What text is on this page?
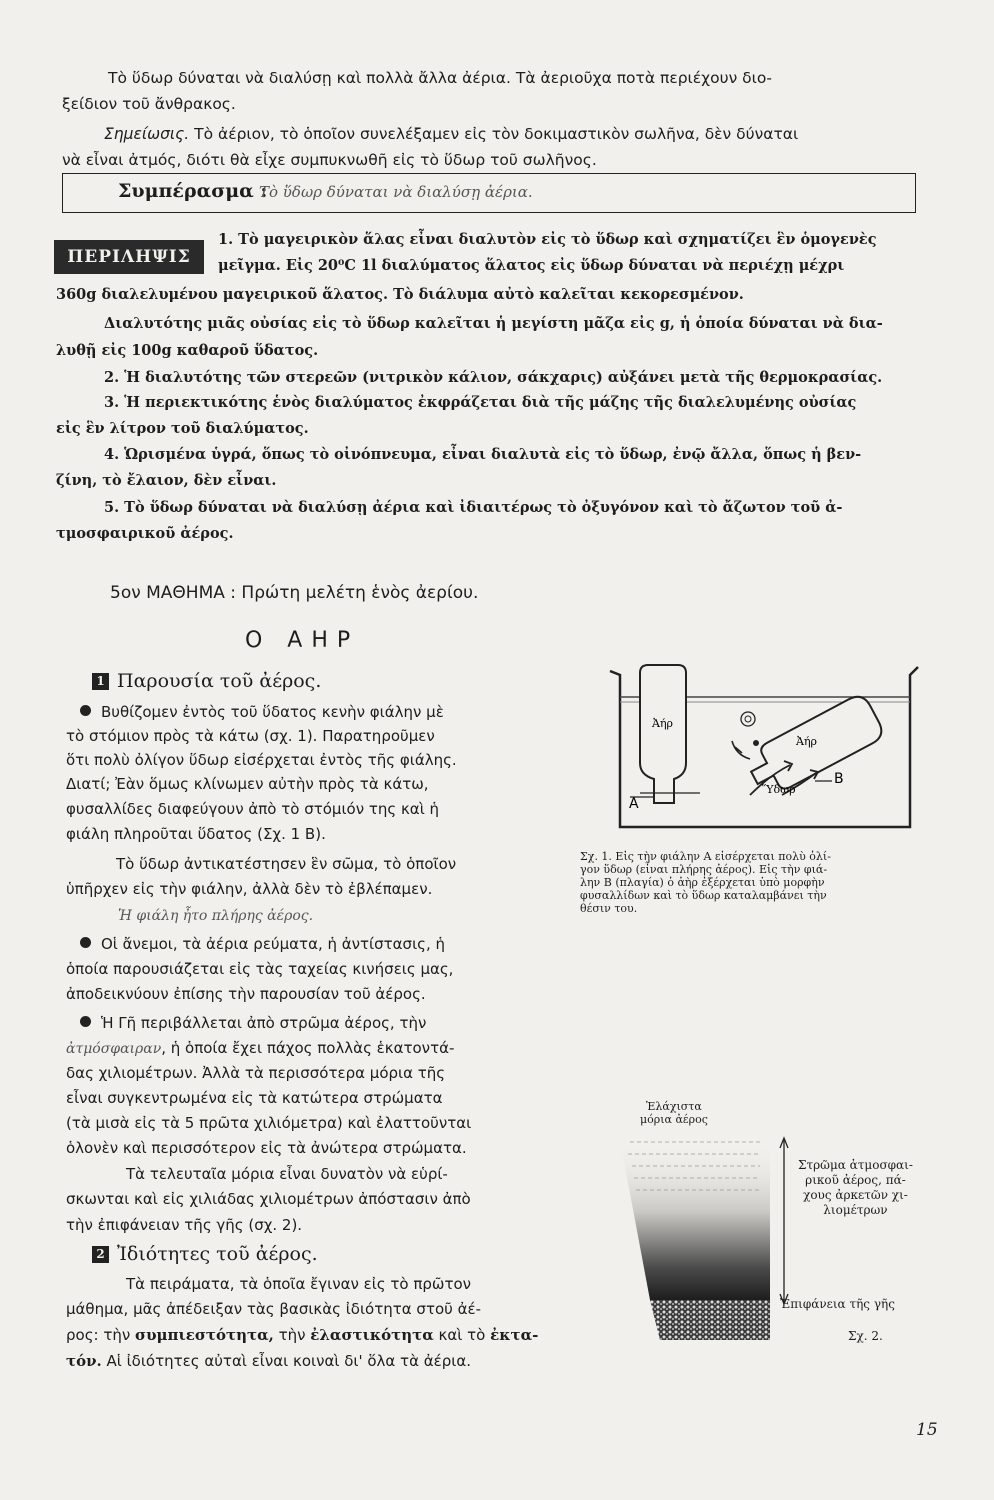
Τὸ ὕδωρ δύναται νὰ διαλύσῃ καὶ πολλὰ ἄλλα ἀέρια. Τὰ ἀεριοῦχα ποτὰ περιέχουν διο-

ξείδιον τοῦ ἄνθρακος.

Σημείωσις. Τὸ ἀέριον, τὸ ὁποῖον συνελέξαμεν εἰς τὸν δοκιμαστικὸν σωλῆνα, δὲν δύναται

νὰ εἶναι ἀτμός, διότι θὰ εἶχε συμπυκνωθῆ εἰς τὸ ὕδωρ τοῦ σωλῆνος.

Συμπέρασμα :
Τὸ ὕδωρ δύναται νὰ διαλύσῃ ἀέρια.
ΠΕΡΙΛΗΨΙΣ

1. Τὸ μαγειρικὸν ἅλας εἶναι διαλυτὸν εἰς τὸ ὕδωρ καὶ σχηματίζει ἓν ὁμογενὲς

μεῖγμα. Εἰς 20⁰C 1l διαλύματος ἅλατος εἰς ὕδωρ δύναται νὰ περιέχῃ μέχρι

360g διαλελυμένου μαγειρικοῦ ἅλατος. Τὸ διάλυμα αὐτὸ καλεῖται κεκορεσμένον.

Διαλυτότης μιᾶς οὐσίας εἰς τὸ ὕδωρ καλεῖται ἡ μεγίστη μᾶζα εἰς g, ἡ ὁποία δύναται νὰ δια-

λυθῇ εἰς 100g καθαροῦ ὕδατος.

2. Ἡ διαλυτότης τῶν στερεῶν (νιτρικὸν κάλιον, σάκχαρις) αὐξάνει μετὰ τῆς θερμοκρασίας.

3. Ἡ περιεκτικότης ἑνὸς διαλύματος ἐκφράζεται διὰ τῆς μάζης τῆς διαλελυμένης οὐσίας

εἰς ἓν λίτρον τοῦ διαλύματος.

4. Ὡρισμένα ὑγρά, ὅπως τὸ οἰνόπνευμα, εἶναι διαλυτὰ εἰς τὸ ὕδωρ, ἐνῷ ἄλλα, ὅπως ἡ βεν-

ζίνη, τὸ ἔλαιον, δὲν εἶναι.

5. Τὸ ὕδωρ δύναται νὰ διαλύσῃ ἀέρια καὶ ἰδιαιτέρως τὸ ὀξυγόνον καὶ τὸ ἄζωτον τοῦ ἀ-

τμοσφαιρικοῦ ἀέρος.

5ον ΜΑΘΗΜΑ : Πρώτη μελέτη ἑνὸς ἀερίου.
Ο ΑΗΡ
1 Παρουσία τοῦ ἀέρος.

Βυθίζομεν ἐντὸς τοῦ ὕδατος κενὴν φιάλην μὲ

τὸ στόμιον πρὸς τὰ κάτω (σχ. 1). Παρατηροῦμεν

ὅτι πολὺ ὀλίγον ὕδωρ εἰσέρχεται ἐντὸς τῆς φιάλης.

Διατί; Ἐὰν ὅμως κλίνωμεν αὐτὴν πρὸς τὰ κάτω,

φυσαλλίδες διαφεύγουν ἀπὸ τὸ στόμιόν της καὶ ἡ

φιάλη πληροῦται ὕδατος (Σχ. 1 Β).

Τὸ ὕδωρ ἀντικατέστησεν ἓν σῶμα, τὸ ὁποῖον

ὑπῆρχεν εἰς τὴν φιάλην, ἀλλὰ δὲν τὸ ἐβλέπαμεν.

Ἡ φιάλη ἦτο πλήρης ἀέρος.

Οἱ ἄνεμοι, τὰ ἀέρια ρεύματα, ἡ ἀντίστασις, ἡ

ὁποία παρουσιάζεται εἰς τὰς ταχείας κινήσεις μας,

ἀποδεικνύουν ἐπίσης τὴν παρουσίαν τοῦ ἀέρος.

Ἡ Γῆ περιβάλλεται ἀπὸ στρῶμα ἀέρος, τὴν

ἀτμόσφαιραν, ἡ ὁποία ἔχει πάχος πολλὰς ἑκατοντά-

δας χιλιομέτρων. Ἀλλὰ τὰ περισσότερα μόρια τῆς

εἶναι συγκεντρωμένα εἰς τὰ κατώτερα στρώματα

(τὰ μισὰ εἰς τὰ 5 πρῶτα χιλιόμετρα) καὶ ἐλαττοῦνται

ὁλονὲν καὶ περισσότερον εἰς τὰ ἀνώτερα στρώματα.

Τὰ τελευταῖα μόρια εἶναι δυνατὸν νὰ εὑρί-

σκωνται καὶ εἰς χιλιάδας χιλιομέτρων ἀπόστασιν ἀπὸ

τὴν ἐπιφάνειαν τῆς γῆς (σχ. 2).

2 Ἰδιότητες τοῦ ἀέρος.

Τὰ πειράματα, τὰ ὁποῖα ἔγιναν εἰς τὸ πρῶτον

μάθημα, μᾶς ἀπέδειξαν τὰς βασικὰς ἰδιότητα στοῦ ἀέ-

ρος: τὴν συμπιεστότητα, τὴν ἐλαστικότητα καὶ τὸ ἐκτα-

τόν. Αἱ ἰδιότητες αὐταὶ εἶναι κοιναὶ δι' ὅλα τὰ ἀέρια.

A
Ἀήρ
Ἀήρ
B
Ὕδωρ
Σχ. 1. Εἰς τὴν φιάλην Α εἰσέρχεται πολὺ ὀλί-
γον ὕδωρ (εἶναι πλήρης ἀέρος). Εἰς τὴν φιά-
λην Β (πλαγία) ὁ ἀὴρ ἐξέρχεται ὑπὸ μορφὴν
φυσαλλίδων καὶ τὸ ὕδωρ καταλαμβάνει τὴν
θέσιν του.
Ἐλάχιστα
μόρια ἀέρος
Στρῶμα ἀτμοσφαι-
ρικοῦ ἀέρος, πά-
χους ἀρκετῶν χι-
λιομέτρων
Ἐπιφάνεια τῆς γῆς
Σχ. 2.
15
